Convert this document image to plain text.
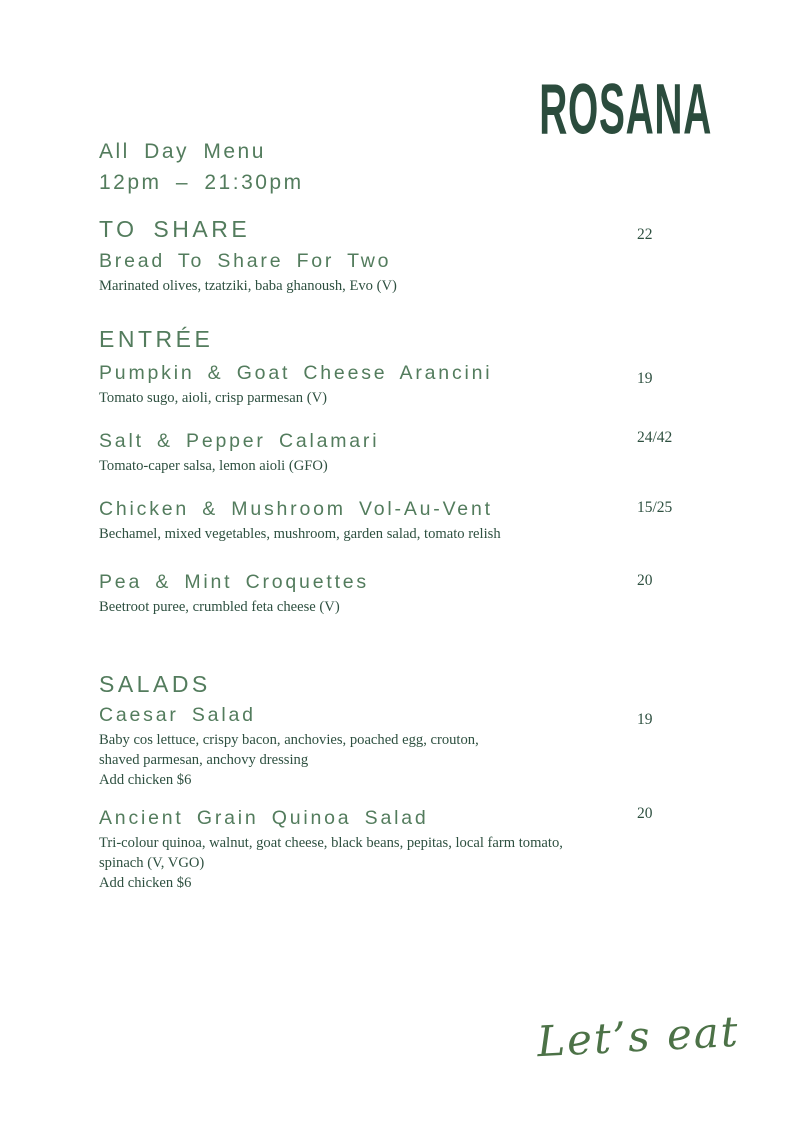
ROSANA
All Day Menu
12pm – 21:30pm
TO SHARE
Bread To Share For Two
22
Marinated olives, tzatziki, baba ghanoush, Evo (V)
ENTRÉE
Pumpkin & Goat Cheese Arancini	19
Tomato sugo, aioli, crisp parmesan (V)
Salt & Pepper Calamari	24/42
Tomato-caper salsa, lemon aioli (GFO)
Chicken & Mushroom Vol-Au-Vent	15/25
Bechamel, mixed vegetables, mushroom, garden salad, tomato relish
Pea & Mint Croquettes	20
Beetroot puree, crumbled feta cheese (V)
SALADS
Caesar Salad	19
Baby cos lettuce, crispy bacon, anchovies, poached egg, crouton,
shaved parmesan, anchovy dressing
Add chicken $6
Ancient Grain Quinoa Salad	20
Tri-colour quinoa, walnut, goat cheese, black beans, pepitas, local farm tomato,
spinach (V, VGO)
Add chicken $6
Let’s eat
